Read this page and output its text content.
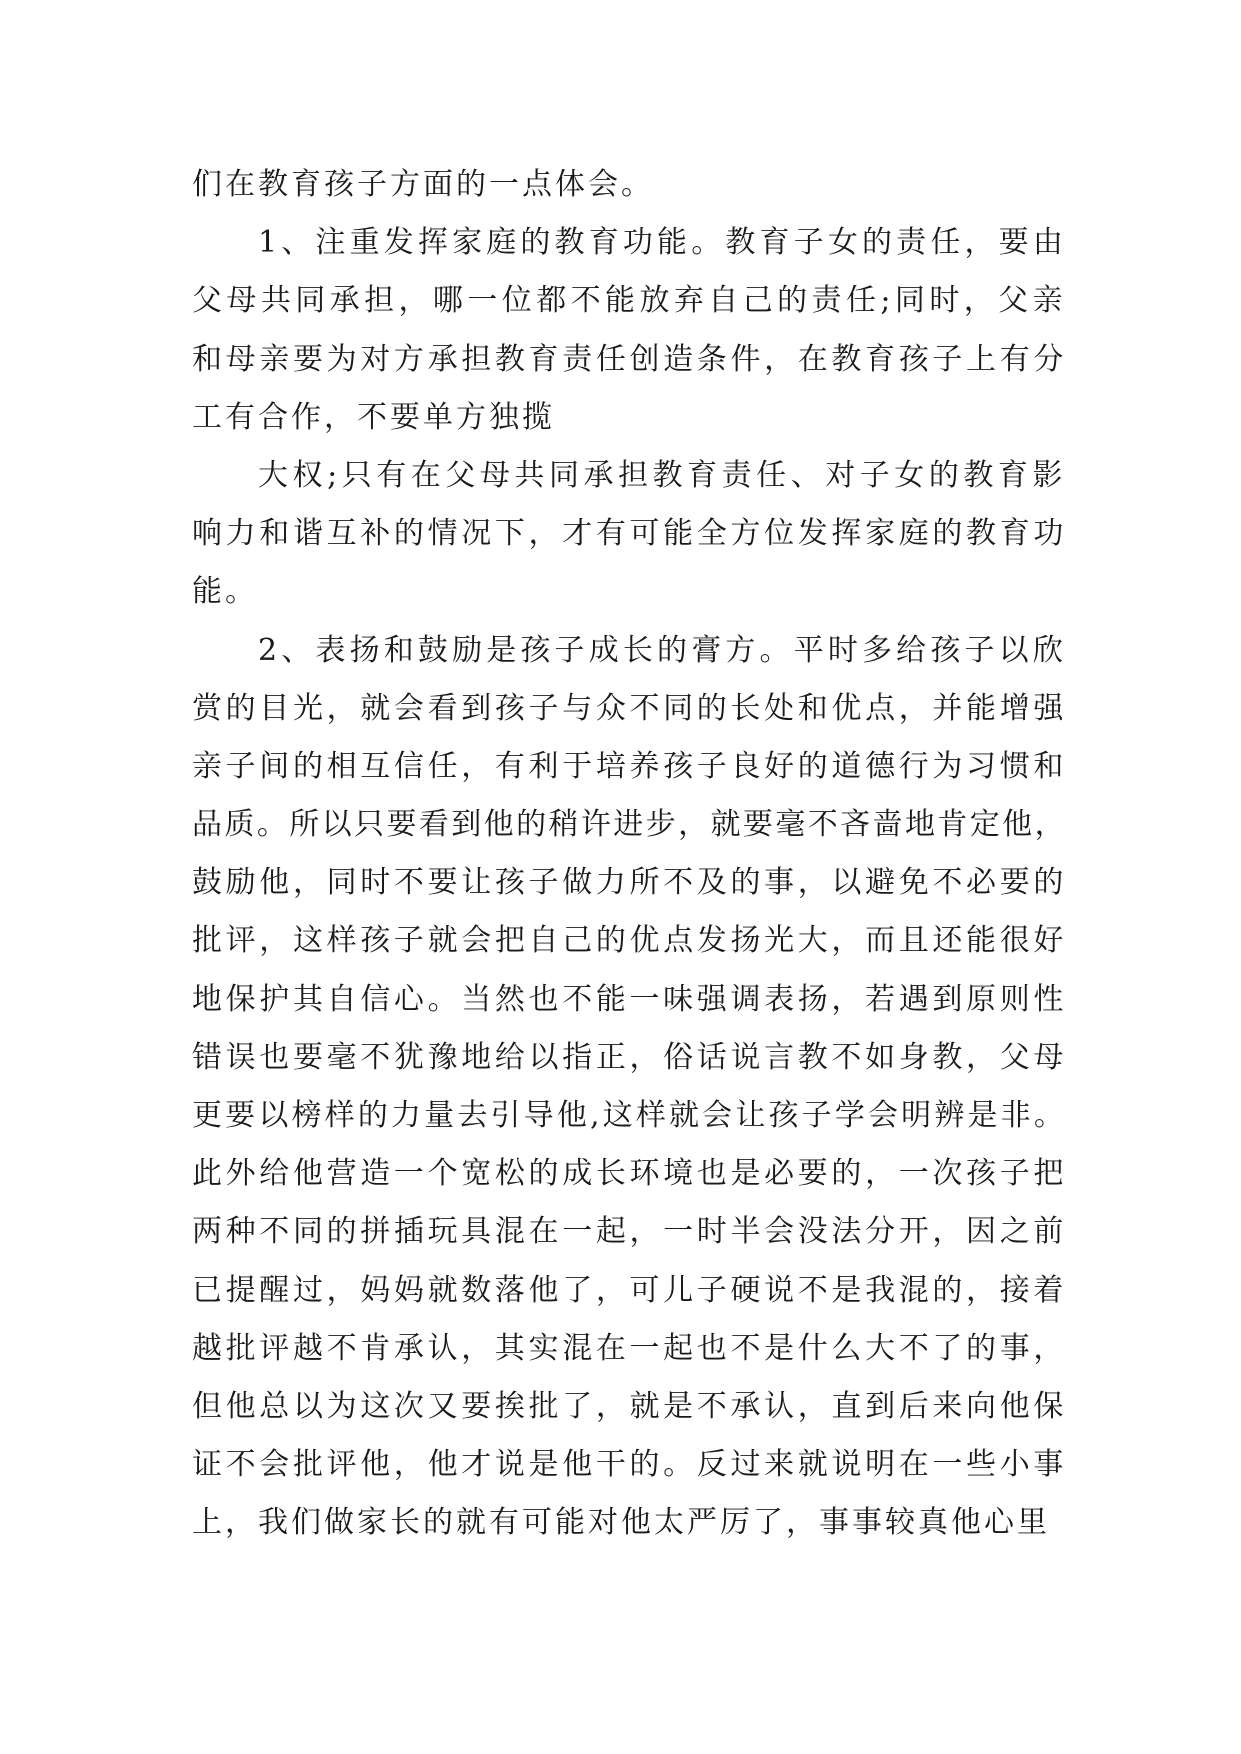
们在教育孩子方面的一点体会。
1、注重发挥家庭的教育功能。教育子女的责任，要由
父母共同承担，哪一位都不能放弃自己的责任;同时，父亲
和母亲要为对方承担教育责任创造条件，在教育孩子上有分
工有合作，不要单方独揽
大权;只有在父母共同承担教育责任、对子女的教育影
响力和谐互补的情况下，才有可能全方位发挥家庭的教育功
能。
2、表扬和鼓励是孩子成长的膏方。平时多给孩子以欣
赏的目光，就会看到孩子与众不同的长处和优点，并能增强
亲子间的相互信任，有利于培养孩子良好的道德行为习惯和
品质。所以只要看到他的稍许进步，就要毫不吝啬地肯定他，
鼓励他，同时不要让孩子做力所不及的事，以避免不必要的
批评，这样孩子就会把自己的优点发扬光大，而且还能很好
地保护其自信心。当然也不能一味强调表扬，若遇到原则性
错误也要毫不犹豫地给以指正，俗话说言教不如身教，父母
更要以榜样的力量去引导他,这样就会让孩子学会明辨是非。
此外给他营造一个宽松的成长环境也是必要的，一次孩子把
两种不同的拼插玩具混在一起，一时半会没法分开，因之前
已提醒过，妈妈就数落他了，可儿子硬说不是我混的，接着
越批评越不肯承认，其实混在一起也不是什么大不了的事，
但他总以为这次又要挨批了，就是不承认，直到后来向他保
证不会批评他，他才说是他干的。反过来就说明在一些小事
上，我们做家长的就有可能对他太严厉了，事事较真他心里
